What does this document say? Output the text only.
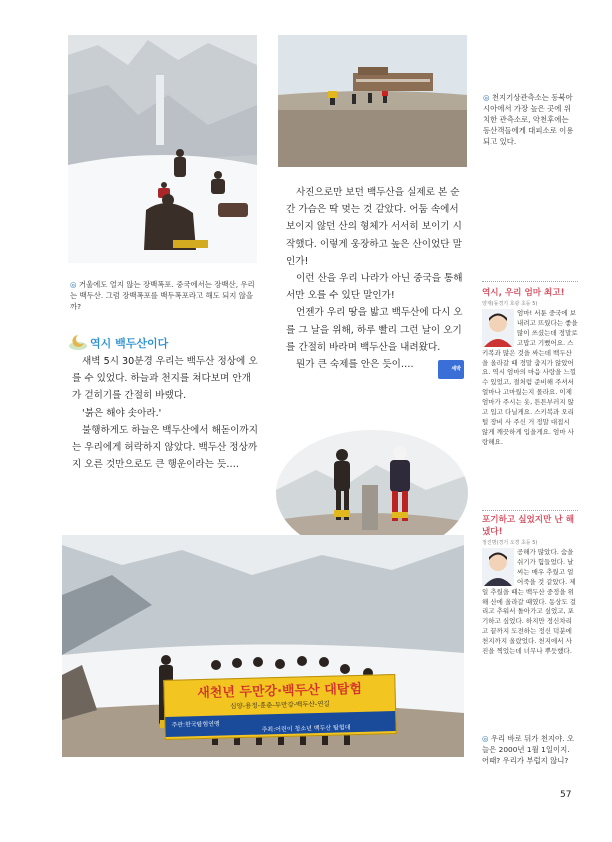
◎ 천지기상관측소는 동북아시아에서 가장 높은 곳에 위치한 관측소로, 악천후에는 등산객들에게 대피소로 이용되고 있다.
◎ 거울에도 얼지 않는 장백폭포. 중국에서는 장백산, 우리는 백두산. 그럼 장백폭포를 백두폭포라고 해도 되지 않을까?
역시 백두산이다

새벽 5시 30분경 우리는 백두산 정상에 오를 수 있었다. 하늘과 천지를 쳐다보며 안개가 걷히기를 간절히 바랬다.

'붉은 해야 솟아라.'

불행하게도 하늘은 백두산에서 해돋이까지는 우리에게 허락하지 않았다. 백두산 정상까지 오른 것만으로도 큰 행운이라는 듯….

사진으로만 보던 백두산을 실제로 본 순간 가슴은 딱 멎는 것 같았다. 어둠 속에서 보이지 않던 산의 형체가 서서히 보이기 시작했다. 이렇게 웅장하고 높은 산이었단 말인가!

이런 산을 우리 나라가 아닌 중국을 통해서만 오를 수 있단 말인가!

언젠가 우리 땅을 밟고 백두산에 다시 오를 그 날을 위해, 하루 빨리 그런 날이 오기를 간절히 바라며 백두산을 내려왔다.

뭔가 큰 숙제를 안은 듯이….	세박

새천년 두만강·백두산 대탐험
심양-용정-훈춘-두만강-백두산-연길
주관:한국탐험연맹	주최:어린이 청소년 백두산 탐험대
역시, 우리 엄마 최고!
양재(동경기 호광 초등 5)
엄마! 서툰 중국에 보내려고 뜨웠다는 좋을 많이 쓰셨는데 정말로 고맙고 기뻤어요. 스키복과 많은 것을 싸는데 백두산을 올라갈 때 정말 춥지가 않았어요. 역시 엄마의 마음 사랑을 느낄 수 있었고, 절처럼 준비해 주셔서 얼마나 고마웠는지 몰라요. 이제 엄마가 주시는 옷, 튼튼부러지 않고 입고 다닐게요. 스키복과 오리털 장비 사 주신 거 정말 대접시 않게 깨끗하게 입을게요. 엄마 사랑해요.
포기하고 싶었지만 난 해냈다!
정진명(경기 오경 초등 5)
공해가 많았다. 숨을 쉬기가 힘들었다. 날씨는 매우 추웠고 얼어죽을 것 같았다. 제일 추웠을 때는 백두산 중정을 위해 산에 올라갈 때였다. 동상도 걸리고 추워서 돌아가고 싶었고, 포기하고 싶었다. 하지만 정신차리고 끝까지 도전하는 정신 덕분에 천지까지 올랐었다. 천지에서 사진을 찍었는데 너무나 뿌듯했다.
◎ 우리 바로 뒤가 천지야. 오늘은 2000년 1월 1일이지. 어때? 우리가 부럽지 않니?
57
